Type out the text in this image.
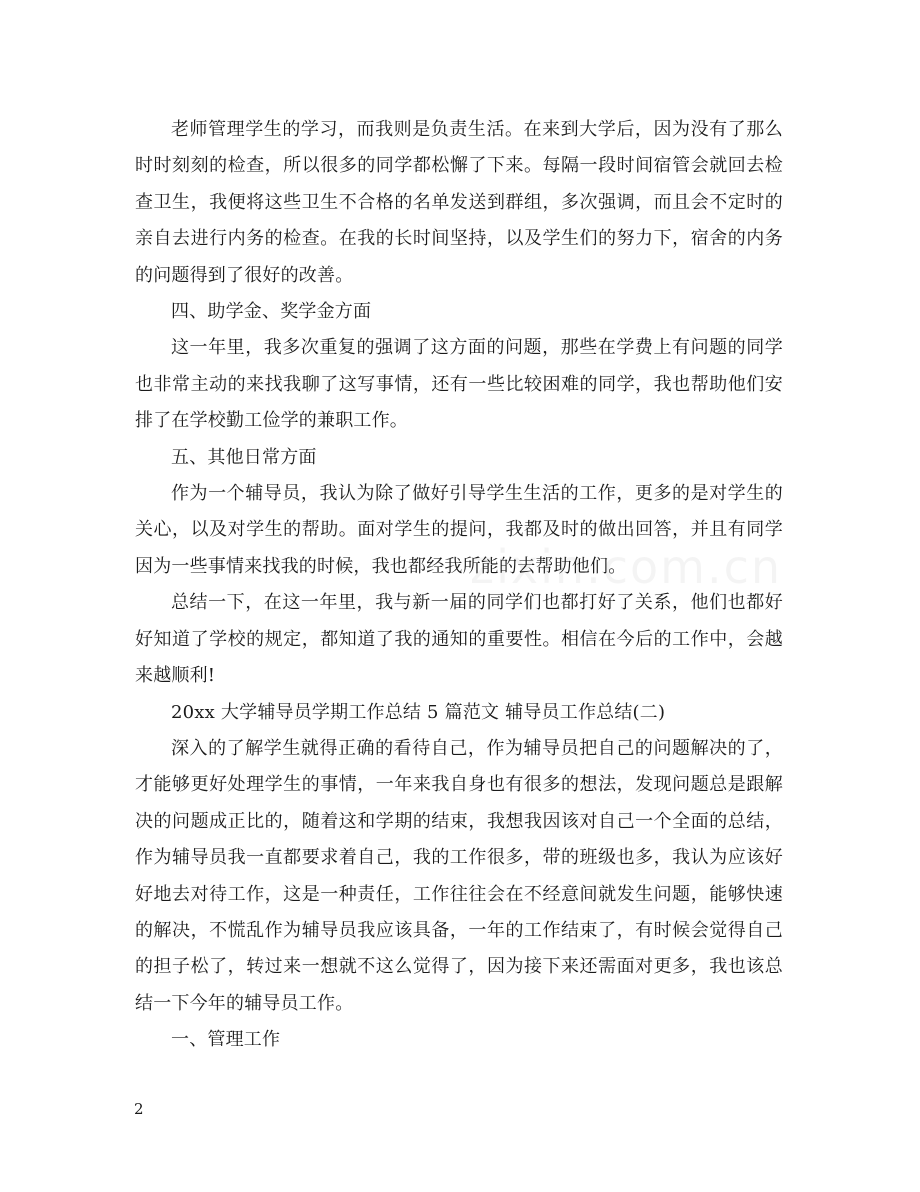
老师管理学生的学习，而我则是负责生活。在来到大学后，因为没有了那么时时刻刻的检查，所以很多的同学都松懈了下来。每隔一段时间宿管会就回去检查卫生，我便将这些卫生不合格的名单发送到群组，多次强调，而且会不定时的亲自去进行内务的检查。在我的长时间坚持，以及学生们的努力下，宿舍的内务的问题得到了很好的改善。

四、助学金、奖学金方面

这一年里，我多次重复的强调了这方面的问题，那些在学费上有问题的同学也非常主动的来找我聊了这写事情，还有一些比较困难的同学，我也帮助他们安排了在学校勤工俭学的兼职工作。

五、其他日常方面

作为一个辅导员，我认为除了做好引导学生生活的工作，更多的是对学生的关心，以及对学生的帮助。面对学生的提问，我都及时的做出回答，并且有同学因为一些事情来找我的时候，我也都经我所能的去帮助他们。

总结一下，在这一年里，我与新一届的同学们也都打好了关系，他们也都好好知道了学校的规定，都知道了我的通知的重要性。相信在今后的工作中，会越来越顺利!

20xx 大学辅导员学期工作总结 5 篇范文 辅导员工作总结(二)

深入的了解学生就得正确的看待自己，作为辅导员把自己的问题解决的了，才能够更好处理学生的事情，一年来我自身也有很多的想法，发现问题总是跟解决的问题成正比的，随着这和学期的结束，我想我因该对自己一个全面的总结，作为辅导员我一直都要求着自己，我的工作很多，带的班级也多，我认为应该好好地去对待工作，这是一种责任，工作往往会在不经意间就发生问题，能够快速的解决，不慌乱作为辅导员我应该具备，一年的工作结束了，有时候会觉得自己的担子松了，转过来一想就不这么觉得了，因为接下来还需面对更多，我也该总结一下今年的辅导员工作。

一、管理工作

2
